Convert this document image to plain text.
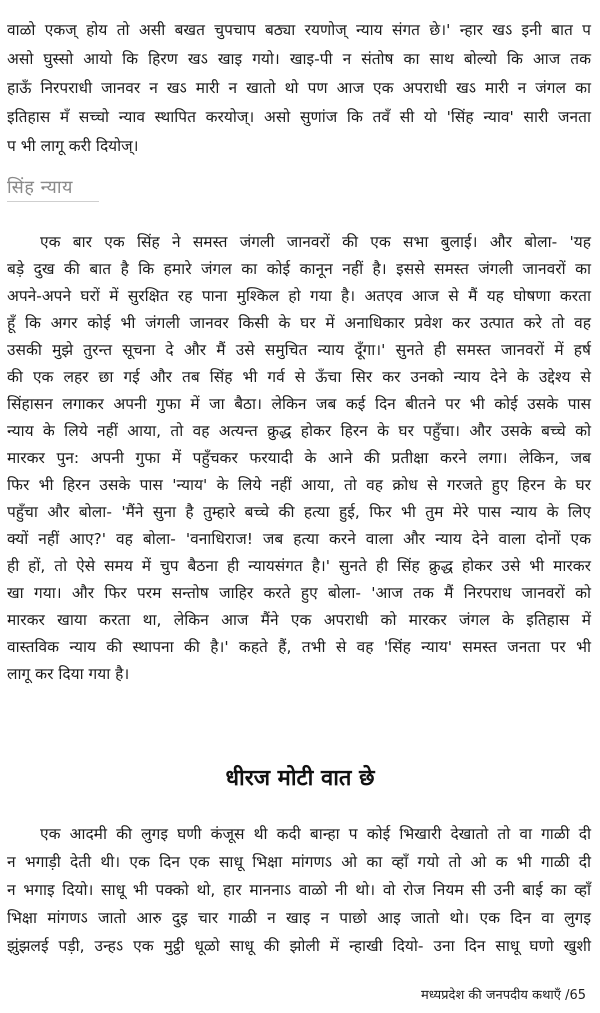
वाळो एकज् होय तो असी बखत चुपचाप बठ्या रयणोज् न्याय संगत छे।' न्हार खऽ इनी बात प
असो घुस्सो आयो कि हिरण खऽ खाइ गयो। खाइ-पी न संतोष का साथ बोल्यो कि आज तक
हाऊँ निरपराधी जानवर न खऽ मारी न खातो थो पण आज एक अपराधी खऽ मारी न जंगल का
इतिहास मँ सच्चो न्याव स्थापित करयोज्। असो सुणांज कि तवँ सी यो 'सिंह न्याव' सारी जनता
प भी लागू करी दियोज्।
सिंह न्याय
एक बार एक सिंह ने समस्त जंगली जानवरों की एक सभा बुलाई। और बोला- 'यह
बड़े दुख की बात है कि हमारे जंगल का कोई कानून नहीं है। इससे समस्त जंगली जानवरों का
अपने-अपने घरों में सुरक्षित रह पाना मुश्किल हो गया है। अतएव आज से मैं यह घोषणा करता
हूँ कि अगर कोई भी जंगली जानवर किसी के घर में अनाधिकार प्रवेश कर उत्पात करे तो वह
उसकी मुझे तुरन्त सूचना दे और मैं उसे समुचित न्याय दूँगा।' सुनते ही समस्त जानवरों में हर्ष
की एक लहर छा गई और तब सिंह भी गर्व से ऊँचा सिर कर उनको न्याय देने के उद्देश्य से
सिंहासन लगाकर अपनी गुफा में जा बैठा। लेकिन जब कई दिन बीतने पर भी कोई उसके पास
न्याय के लिये नहीं आया, तो वह अत्यन्त क्रुद्ध होकर हिरन के घर पहुँचा। और उसके बच्चे को
मारकर पुन: अपनी गुफा में पहुँचकर फरयादी के आने की प्रतीक्षा करने लगा। लेकिन, जब
फिर भी हिरन उसके पास 'न्याय' के लिये नहीं आया, तो वह क्रोध से गरजते हुए हिरन के घर
पहुँचा और बोला- 'मैंने सुना है तुम्हारे बच्चे की हत्या हुई, फिर भी तुम मेरे पास न्याय के लिए
क्यों नहीं आए?' वह बोला- 'वनाधिराज! जब हत्या करने वाला और न्याय देने वाला दोनों एक
ही हों, तो ऐसे समय में चुप बैठना ही न्यायसंगत है।' सुनते ही सिंह क्रुद्ध होकर उसे भी मारकर
खा गया। और फिर परम सन्तोष जाहिर करते हुए बोला- 'आज तक मैं निरपराध जानवरों को
मारकर खाया करता था, लेकिन आज मैंने एक अपराधी को मारकर जंगल के इतिहास में
वास्तविक न्याय की स्थापना की है।' कहते हैं, तभी से वह 'सिंह न्याय' समस्त जनता पर भी
लागू कर दिया गया है।
धीरज मोटी वात छे
एक आदमी की लुगइ घणी कंजूस थी कदी बान्हा प कोई भिखारी देखातो तो वा गाळी दी
न भगाड़ी देती थी। एक दिन एक साधू भिक्षा मांगणऽ ओ का व्हाँ गयो तो ओ क भी गाळी दी
न भगाइ दियो। साधू भी पक्को थो, हार माननाऽ वाळो नी थो। वो रोज नियम सी उनी बाई का व्हाँ
भिक्षा मांगणऽ जातो आरु दुइ चार गाळी न खाइ न पाछो आइ जातो थो। एक दिन वा लुगइ
झुंझलई पड़ी, उन्हऽ एक मुट्ठी धूळो साधू की झोली में न्हाखी दियो- उना दिन साधू घणो खुशी
मध्यप्रदेश की जनपदीय कथाएँ /65
